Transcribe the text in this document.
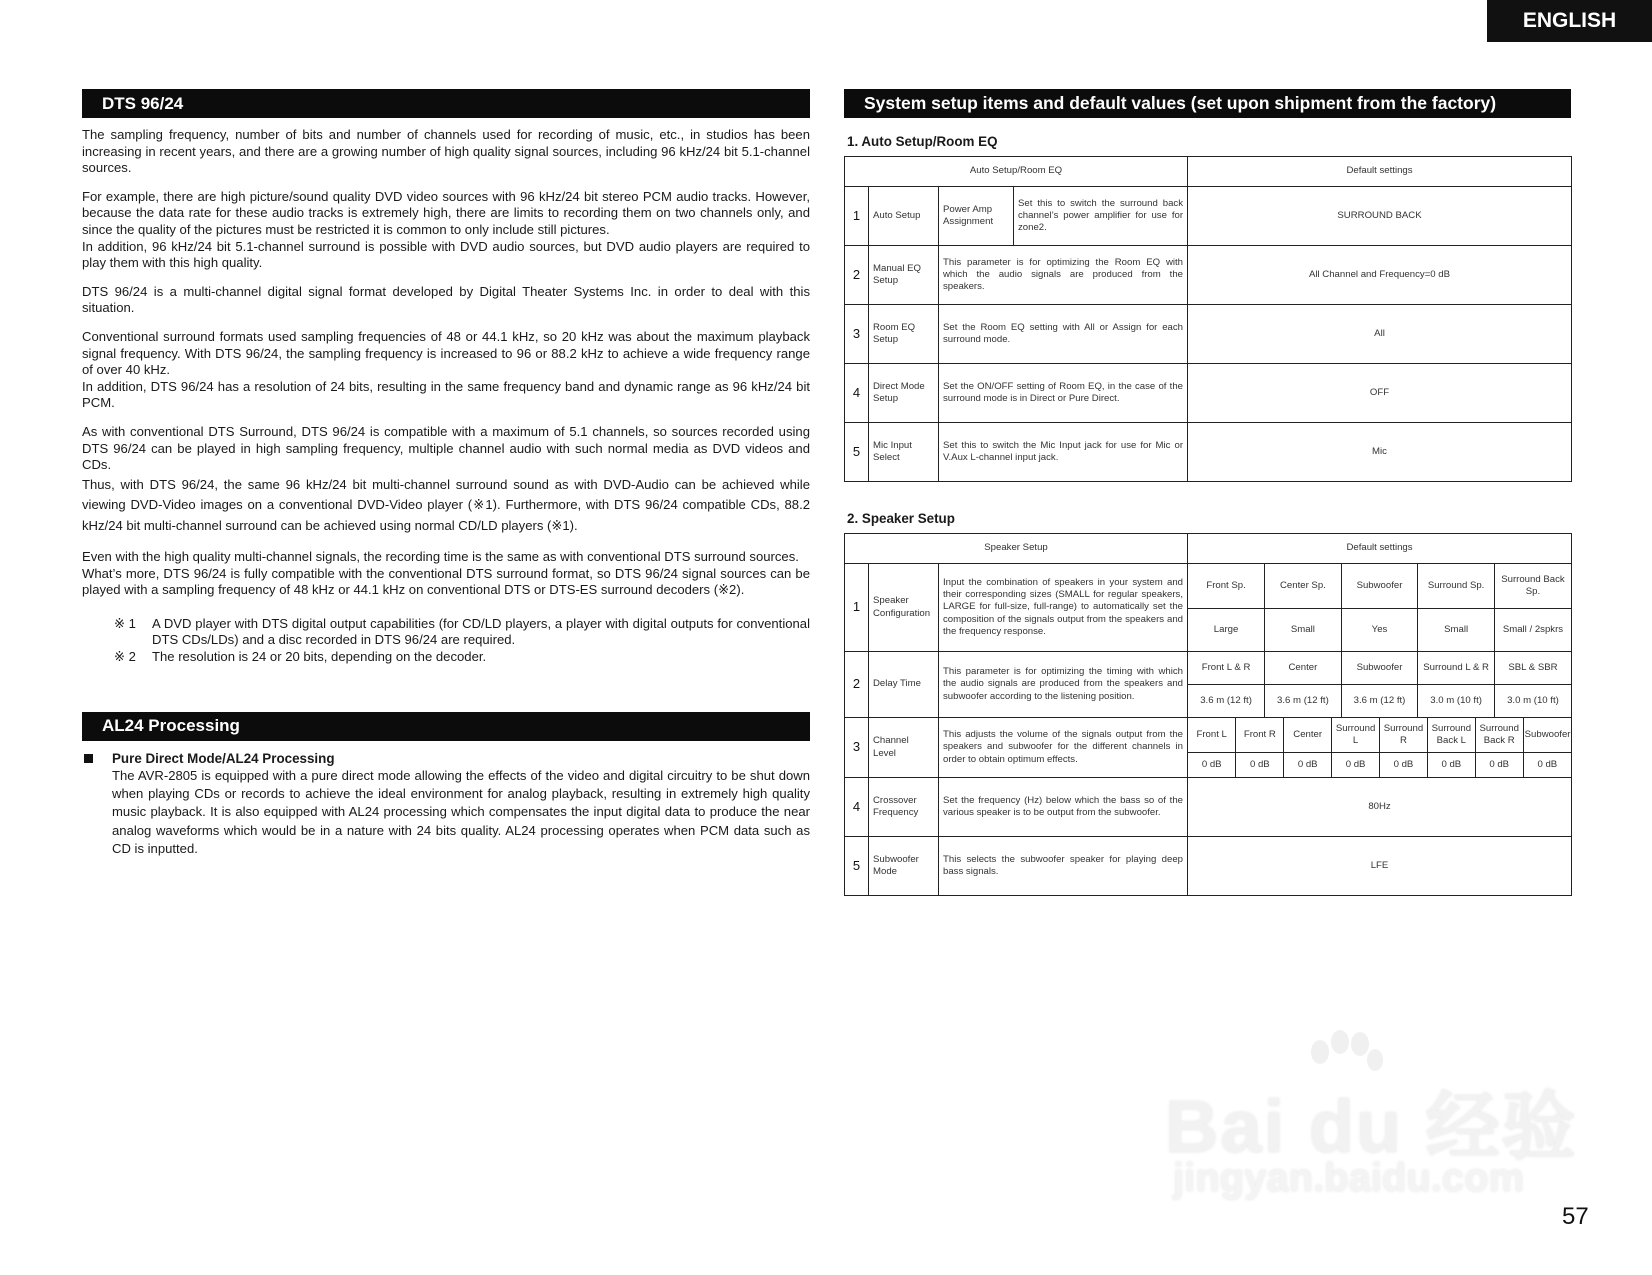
ENGLISH
DTS 96/24

The sampling frequency, number of bits and number of channels used for recording of music, etc., in studios has been increasing in recent years, and there are a growing number of high quality signal sources, including 96 kHz/24 bit 5.1-channel sources.

For example, there are high picture/sound quality DVD video sources with 96 kHz/24 bit stereo PCM audio tracks. However, because the data rate for these audio tracks is extremely high, there are limits to recording them on two channels only, and since the quality of the pictures must be restricted it is common to only include still pictures.

In addition, 96 kHz/24 bit 5.1-channel surround is possible with DVD audio sources, but DVD audio players are required to play them with this high quality.

DTS 96/24 is a multi-channel digital signal format developed by Digital Theater Systems Inc. in order to deal with this situation.

Conventional surround formats used sampling frequencies of 48 or 44.1 kHz, so 20 kHz was about the maximum playback signal frequency. With DTS 96/24, the sampling frequency is increased to 96 or 88.2 kHz to achieve a wide frequency range of over 40 kHz.

In addition, DTS 96/24 has a resolution of 24 bits, resulting in the same frequency band and dynamic range as 96 kHz/24 bit PCM.

As with conventional DTS Surround, DTS 96/24 is compatible with a maximum of 5.1 channels, so sources recorded using DTS 96/24 can be played in high sampling frequency, multiple channel audio with such normal media as DVD videos and CDs.

Thus, with DTS 96/24, the same 96 kHz/24 bit multi-channel surround sound as with DVD-Audio can be achieved while viewing DVD-Video images on a conventional DVD-Video player (※1). Furthermore, with DTS 96/24 compatible CDs, 88.2 kHz/24 bit multi-channel surround can be achieved using normal CD/LD players (※1).

Even with the high quality multi-channel signals, the recording time is the same as with conventional DTS surround sources.

What’s more, DTS 96/24 is fully compatible with the conventional DTS surround format, so DTS 96/24 signal sources can be played with a sampling frequency of 48 kHz or 44.1 kHz on conventional DTS or DTS-ES surround decoders (※2).

※ 1	A DVD player with DTS digital output capabilities (for CD/LD players, a player with digital outputs for conventional DTS CDs/LDs) and a disc recorded in DTS 96/24 are required.
※ 2	The resolution is 24 or 20 bits, depending on the decoder.
AL24 Processing
Pure Direct Mode/AL24 Processing

The AVR-2805 is equipped with a pure direct mode allowing the effects of the video and digital circuitry to be shut down when playing CDs or records to achieve the ideal environment for analog playback, resulting in extremely high quality music playback. It is also equipped with AL24 processing which compensates the input digital data to produce the near analog waveforms which would be in a nature with 24 bits quality. AL24 processing operates when PCM data such as CD is inputted.

System setup items and default values (set upon shipment from the factory)
1. Auto Setup/Room EQ
Auto Setup/Room EQ				Default settings
1	Auto Setup	Power Amp Assignment	Set this to switch the surround back channel’s power amplifier for use for zone2.	SURROUND BACK
2	Manual EQ Setup	This parameter is for optimizing the Room EQ with which the audio signals are produced from the speakers.		All Channel and Frequency=0 dB
3	Room EQ Setup	Set the Room EQ setting with All or Assign for each surround mode.		All
4	Direct Mode Setup	Set the ON/OFF setting of Room EQ, in the case of the surround mode is in Direct or Pure Direct.		OFF
5	Mic Input Select	Set this to switch the Mic Input jack for use for Mic or V.Aux L-channel input jack.		Mic
2. Speaker Setup
Speaker Setup	Default settings
1	Speaker Configuration	Input the combination of speakers in your system and their corresponding sizes (SMALL for regular speakers, LARGE for full-size, full-range) to automatically set the composition of the signals output from the speakers and the frequency response.	
Front Sp.	Center Sp.	Subwoofer	Surround Sp.	Surround Back Sp.
Large	Small	Yes	Small	Small / 2spkrs

2	Delay Time	This parameter is for optimizing the timing with which the audio signals are produced from the speakers and subwoofer according to the listening position.	
Front L & R	Center	Subwoofer	Surround L & R	SBL & SBR
3.6 m (12 ft)	3.6 m (12 ft)	3.6 m (12 ft)	3.0 m (10 ft)	3.0 m (10 ft)

3	Channel Level	This adjusts the volume of the signals output from the speakers and subwoofer for the different channels in order to obtain optimum effects.	
Front L	Front R	Center	Surround L	Surround R	Surround Back L	Surround Back R	Subwoofer
0 dB	0 dB	0 dB	0 dB	0 dB	0 dB	0 dB	0 dB

4	Crossover Frequency	Set the frequency (Hz) below which the bass so of the various speaker is to be output from the subwoofer.	80Hz
5	Subwoofer Mode	This selects the subwoofer speaker for playing deep bass signals.	LFE
Bai du 经验
jingyan.baidu.com
57
